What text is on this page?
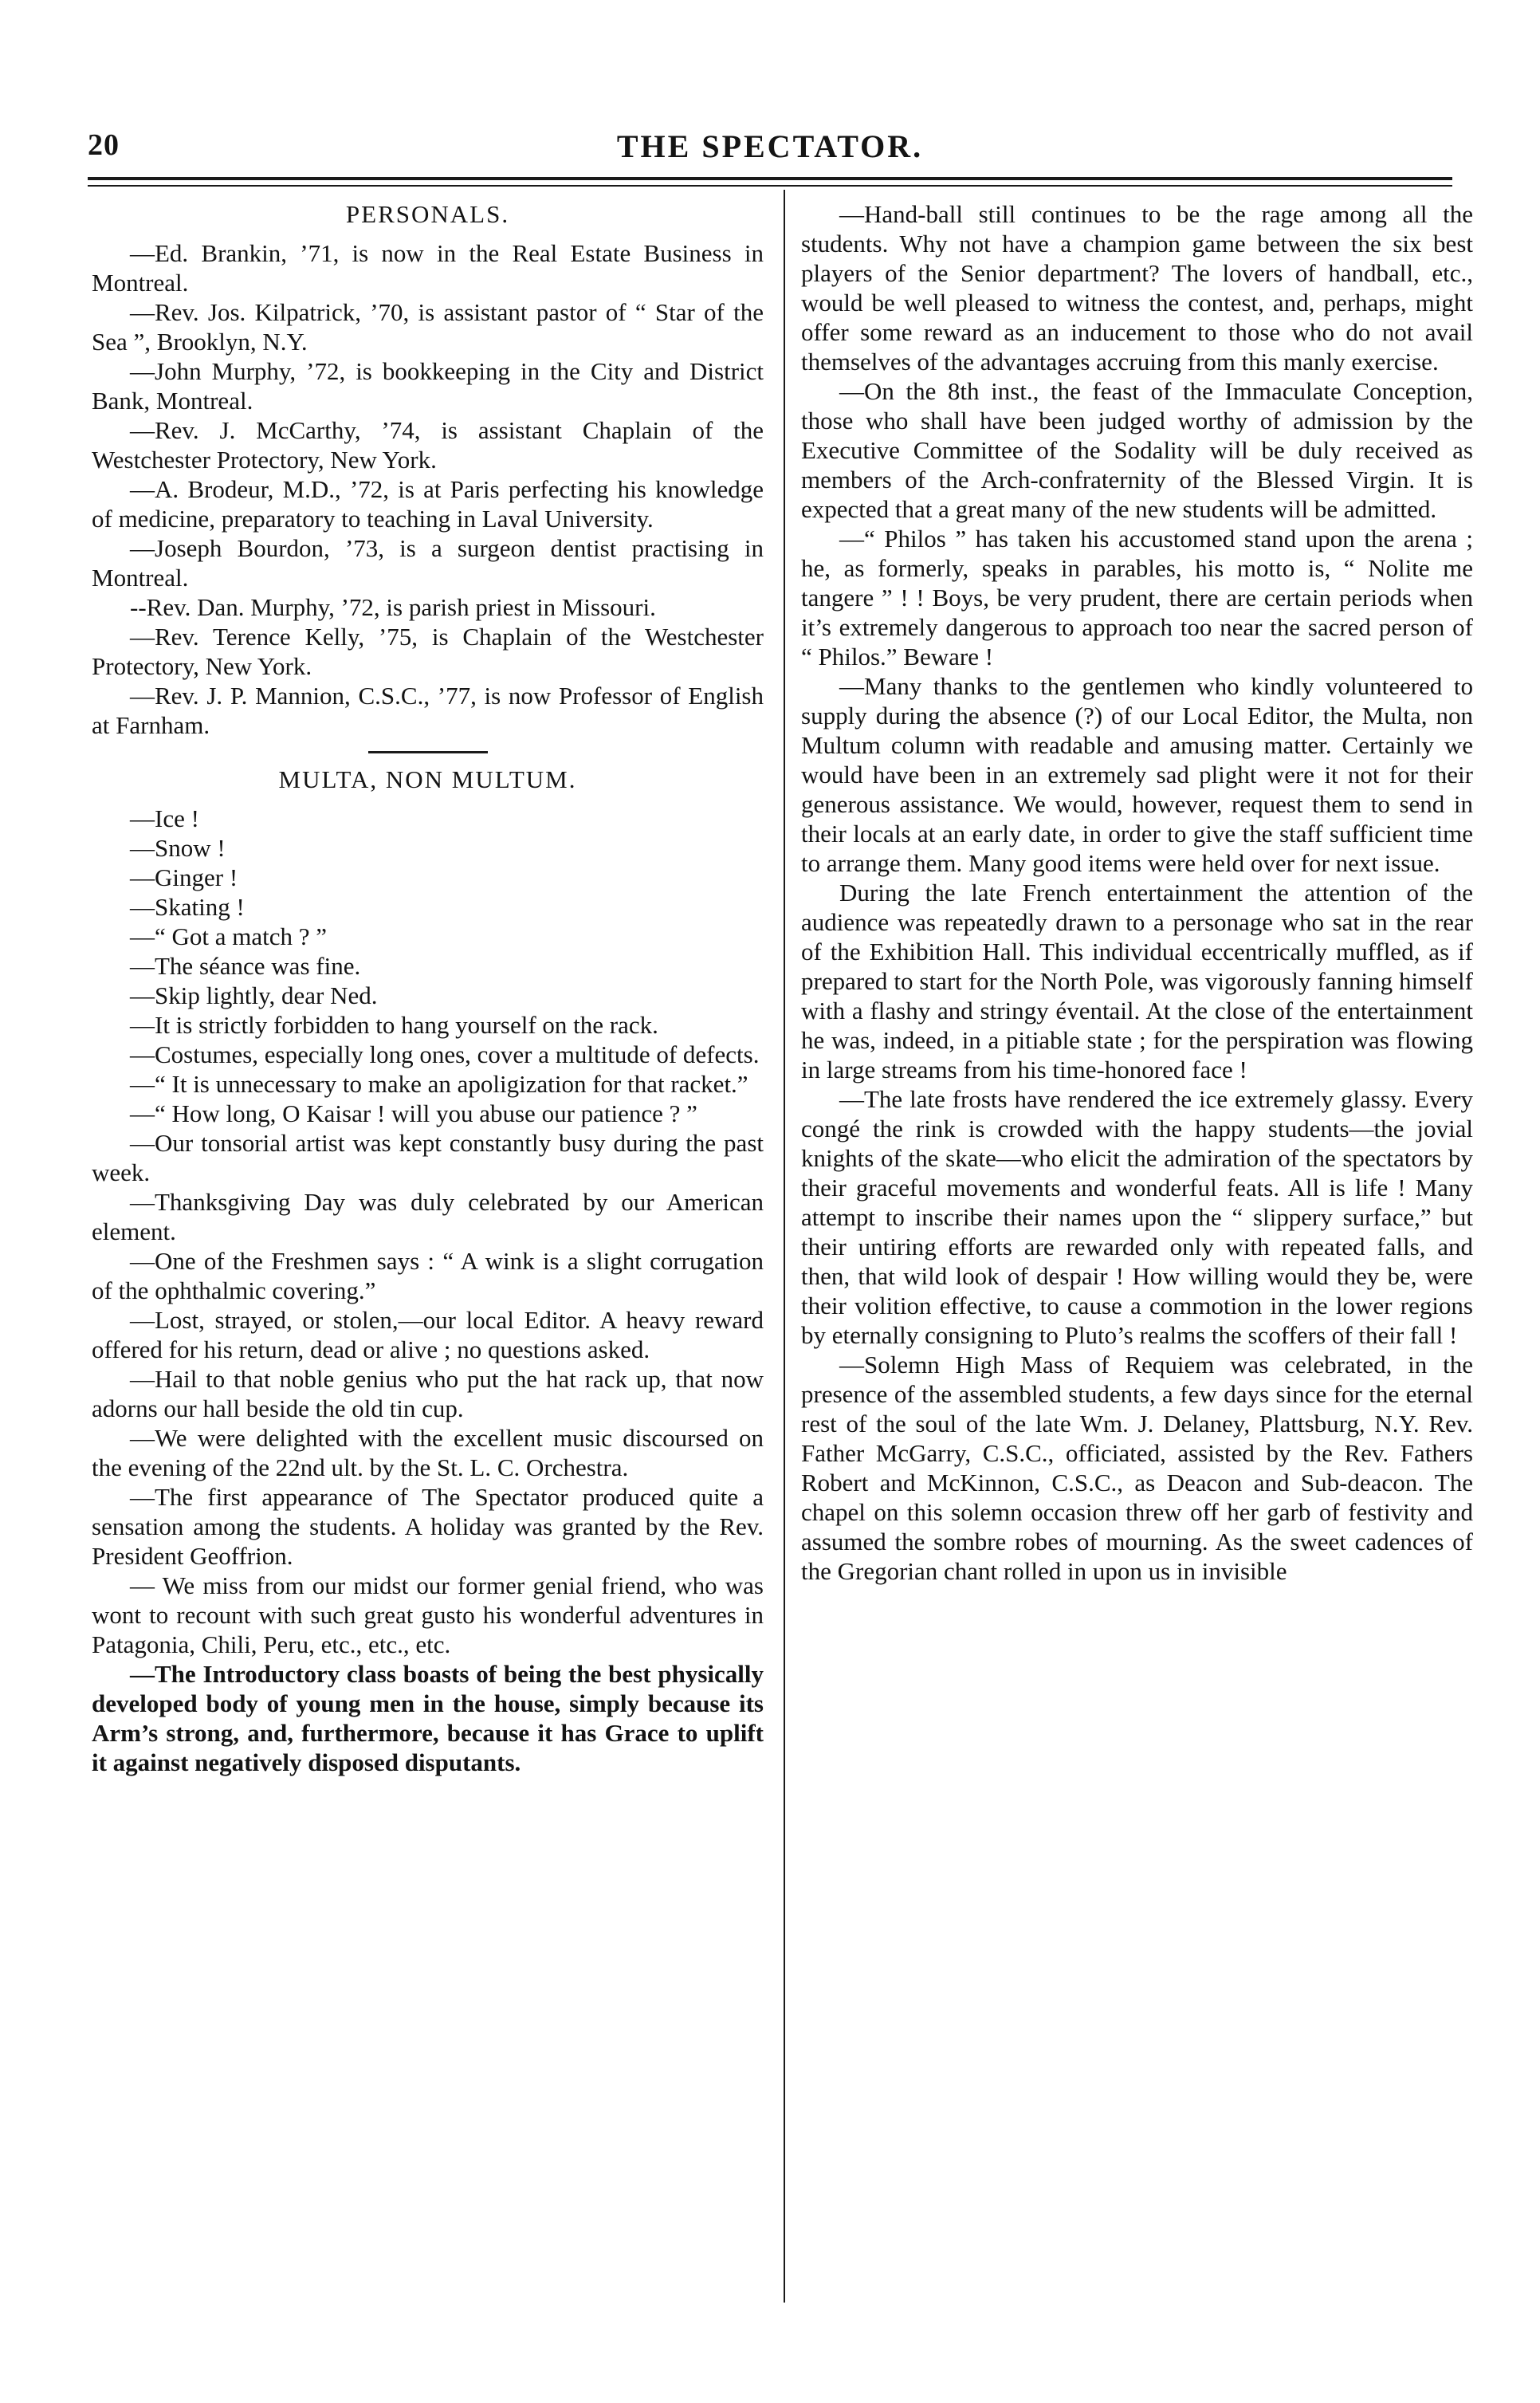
20	THE SPECTATOR.
PERSONALS.

—Ed. Brankin, ’71, is now in the Real Estate Business in Montreal.

—Rev. Jos. Kilpatrick, ’70, is assistant pastor of “ Star of the Sea ”, Brooklyn, N.Y.

—John Murphy, ’72, is bookkeeping in the City and District Bank, Montreal.

—Rev. J. McCarthy, ’74, is assistant Chaplain of the Westchester Protectory, New York.

—A. Brodeur, M.D., ’72, is at Paris perfecting his knowledge of medicine, preparatory to teaching in Laval University.

—Joseph Bourdon, ’73, is a surgeon dentist practising in Montreal.

--Rev. Dan. Murphy, ’72, is parish priest in Missouri.

—Rev. Terence Kelly, ’75, is Chaplain of the Westchester Protectory, New York.

—Rev. J. P. Mannion, C.S.C., ’77, is now Professor of English at Farnham.

MULTA, NON MULTUM.

—Ice !

—Snow !

—Ginger !

—Skating !

—“ Got a match ? ”

—The séance was fine.

—Skip lightly, dear Ned.

—It is strictly forbidden to hang yourself on the rack.

—Costumes, especially long ones, cover a multitude of defects.

—“ It is unnecessary to make an apoligization for that racket.”

—“ How long, O Kaisar ! will you abuse our patience ? ”

—Our tonsorial artist was kept constantly busy during the past week.

—Thanksgiving Day was duly celebrated by our American element.

—One of the Freshmen says : “ A wink is a slight corrugation of the ophthalmic covering.”

—Lost, strayed, or stolen,—our local Editor. A heavy reward offered for his return, dead or alive ; no questions asked.

—Hail to that noble genius who put the hat rack up, that now adorns our hall beside the old tin cup.

—We were delighted with the excellent music discoursed on the evening of the 22nd ult. by the St. L. C. Orchestra.

—The first appearance of The Spectator produced quite a sensation among the students. A holiday was granted by the Rev. President Geoffrion.

— We miss from our midst our former genial friend, who was wont to recount with such great gusto his wonderful adventures in Patagonia, Chili, Peru, etc., etc., etc.

—The Introductory class boasts of being the best physically developed body of young men in the house, simply because its Arm’s strong, and, furthermore, because it has Grace to uplift it against negatively disposed disputants.

—Hand-ball still continues to be the rage among all the students. Why not have a champion game between the six best players of the Senior department? The lovers of handball, etc., would be well pleased to witness the contest, and, perhaps, might offer some reward as an inducement to those who do not avail themselves of the advantages accruing from this manly exercise.

—On the 8th inst., the feast of the Immaculate Conception, those who shall have been judged worthy of admission by the Executive Committee of the Sodality will be duly received as members of the Arch-confraternity of the Blessed Virgin. It is expected that a great many of the new students will be admitted.

—“ Philos ” has taken his accustomed stand upon the arena ; he, as formerly, speaks in parables, his motto is, “ Nolite me tangere ” ! ! Boys, be very prudent, there are certain periods when it’s extremely dangerous to approach too near the sacred person of “ Philos.” Beware !

—Many thanks to the gentlemen who kindly volunteered to supply during the absence (?) of our Local Editor, the Multa, non Multum column with readable and amusing matter. Certainly we would have been in an extremely sad plight were it not for their generous assistance. We would, however, request them to send in their locals at an early date, in order to give the staff sufficient time to arrange them. Many good items were held over for next issue.

During the late French entertainment the attention of the audience was repeatedly drawn to a personage who sat in the rear of the Exhibition Hall. This individual eccentrically muffled, as if prepared to start for the North Pole, was vigorously fanning himself with a flashy and stringy éventail. At the close of the entertainment he was, indeed, in a pitiable state ; for the perspiration was flowing in large streams from his time-honored face !

—The late frosts have rendered the ice extremely glassy. Every congé the rink is crowded with the happy students—the jovial knights of the skate—who elicit the admiration of the spectators by their graceful movements and wonderful feats. All is life ! Many attempt to inscribe their names upon the “ slippery surface,” but their untiring efforts are rewarded only with repeated falls, and then, that wild look of despair ! How willing would they be, were their volition effective, to cause a commotion in the lower regions by eternally consigning to Pluto’s realms the scoffers of their fall !

—Solemn High Mass of Requiem was celebrated, in the presence of the assembled students, a few days since for the eternal rest of the soul of the late Wm. J. Delaney, Plattsburg, N.Y. Rev. Father McGarry, C.S.C., officiated, assisted by the Rev. Fathers Robert and McKinnon, C.S.C., as Deacon and Sub-deacon. The chapel on this solemn occasion threw off her garb of festivity and assumed the sombre robes of mourning. As the sweet cadences of the Gregorian chant rolled in upon us in invisible
